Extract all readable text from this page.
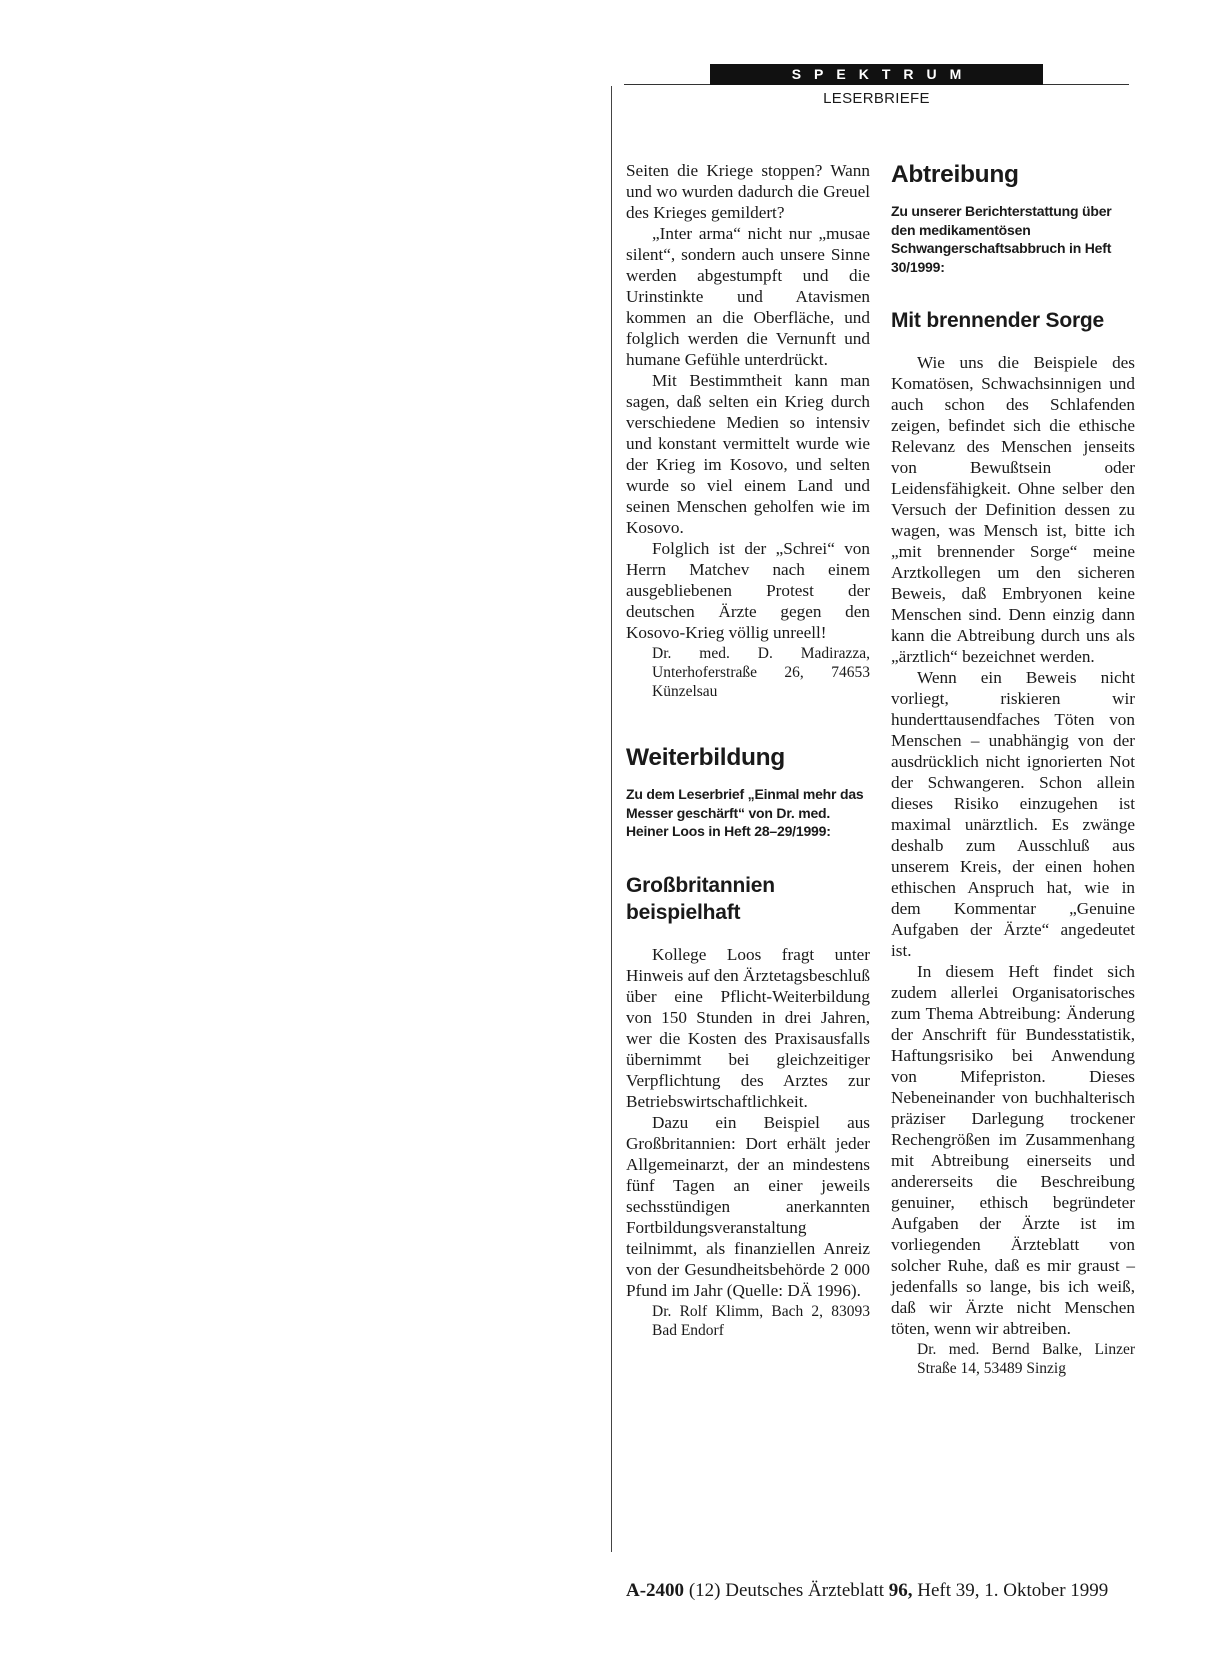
SPEKTRUM
LESERBRIEFE

Seiten die Kriege stoppen? Wann und wo wurden dadurch die Greuel des Krieges gemildert?

„Inter arma“ nicht nur „musae silent“, sondern auch unsere Sinne werden abgestumpft und die Urinstinkte und Atavismen kommen an die Oberfläche, und folglich werden die Vernunft und humane Gefühle unterdrückt.

Mit Bestimmtheit kann man sagen, daß selten ein Krieg durch verschiedene Medien so intensiv und konstant vermittelt wurde wie der Krieg im Kosovo, und selten wurde so viel einem Land und seinen Menschen geholfen wie im Kosovo.

Folglich ist der „Schrei“ von Herrn Matchev nach einem ausgebliebenen Protest der deutschen Ärzte gegen den Kosovo-Krieg völlig unreell!

Dr. med. D. Madirazza, Unterhoferstraße 26, 74653 Künzelsau

Weiterbildung

Zu dem Leserbrief „Einmal mehr das Messer geschärft“ von Dr. med. Heiner Loos in Heft 28–29/1999:

Großbritannien beispielhaft

Kollege Loos fragt unter Hinweis auf den Ärztetagsbeschluß über eine Pflicht-Weiterbildung von 150 Stunden in drei Jahren, wer die Kosten des Praxisausfalls übernimmt bei gleichzeitiger Verpflichtung des Arztes zur Betriebswirtschaftlichkeit.

Dazu ein Beispiel aus Großbritannien: Dort erhält jeder Allgemeinarzt, der an mindestens fünf Tagen an einer jeweils sechsstündigen anerkannten Fortbildungsveranstaltung teilnimmt, als finanziellen Anreiz von der Gesundheitsbehörde 2 000 Pfund im Jahr (Quelle: DÄ 1996).

Dr. Rolf Klimm, Bach 2, 83093 Bad Endorf

Abtreibung

Zu unserer Berichterstattung über den medikamentösen Schwangerschaftsabbruch in Heft 30/1999:

Mit brennender Sorge

Wie uns die Beispiele des Komatösen, Schwachsinnigen und auch schon des Schlafenden zeigen, befindet sich die ethische Relevanz des Menschen jenseits von Bewußtsein oder Leidensfähigkeit. Ohne selber den Versuch der Definition dessen zu wagen, was Mensch ist, bitte ich „mit brennender Sorge“ meine Arztkollegen um den sicheren Beweis, daß Embryonen keine Menschen sind. Denn einzig dann kann die Abtreibung durch uns als „ärztlich“ bezeichnet werden.

Wenn ein Beweis nicht vorliegt, riskieren wir hunderttausendfaches Töten von Menschen – unabhängig von der ausdrücklich nicht ignorierten Not der Schwangeren. Schon allein dieses Risiko einzugehen ist maximal unärztlich. Es zwänge deshalb zum Ausschluß aus unserem Kreis, der einen hohen ethischen Anspruch hat, wie in dem Kommentar „Genuine Aufgaben der Ärzte“ angedeutet ist.

In diesem Heft findet sich zudem allerlei Organisatorisches zum Thema Abtreibung: Änderung der Anschrift für Bundesstatistik, Haftungsrisiko bei Anwendung von Mifepriston. Dieses Nebeneinander von buchhalterisch präziser Darlegung trockener Rechengrößen im Zusammenhang mit Abtreibung einerseits und andererseits die Beschreibung genuiner, ethisch begründeter Aufgaben der Ärzte ist im vorliegenden Ärzteblatt von solcher Ruhe, daß es mir graust – jedenfalls so lange, bis ich weiß, daß wir Ärzte nicht Menschen töten, wenn wir abtreiben.

Dr. med. Bernd Balke, Linzer Straße 14, 53489 Sinzig

A-2400 (12) Deutsches Ärzteblatt 96, Heft 39, 1. Oktober 1999
